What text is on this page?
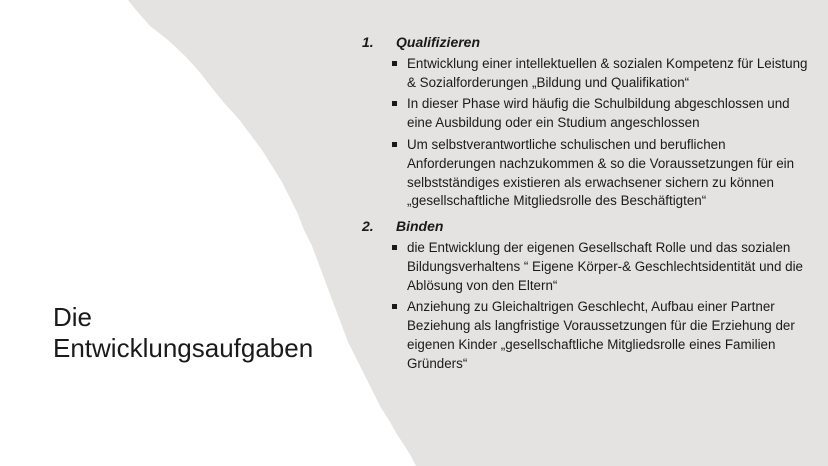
Die
Entwicklungsaufgaben
1.	Qualifizieren
Entwicklung einer intellektuellen & sozialen Kompetenz für Leistung & Sozialforderungen „Bildung und Qualifikation“
In dieser Phase wird häufig die Schulbildung abgeschlossen und eine Ausbildung oder ein Studium angeschlossen
Um selbstverantwortliche schulischen und beruflichen Anforderungen nachzukommen & so die Voraussetzungen für ein selbstständiges existieren als erwachsener sichern zu können „gesellschaftliche Mitgliedsrolle des Beschäftigten“
2.	Binden
die Entwicklung der eigenen Gesellschaft Rolle und das sozialen Bildungsverhaltens “ Eigene Körper-& Geschlechtsidentität und die Ablösung von den Eltern“
Anziehung zu Gleichaltrigen Geschlecht, Aufbau einer Partner Beziehung als langfristige Voraussetzungen für die Erziehung der eigenen Kinder „gesellschaftliche Mitgliedsrolle eines Familien Gründers“
